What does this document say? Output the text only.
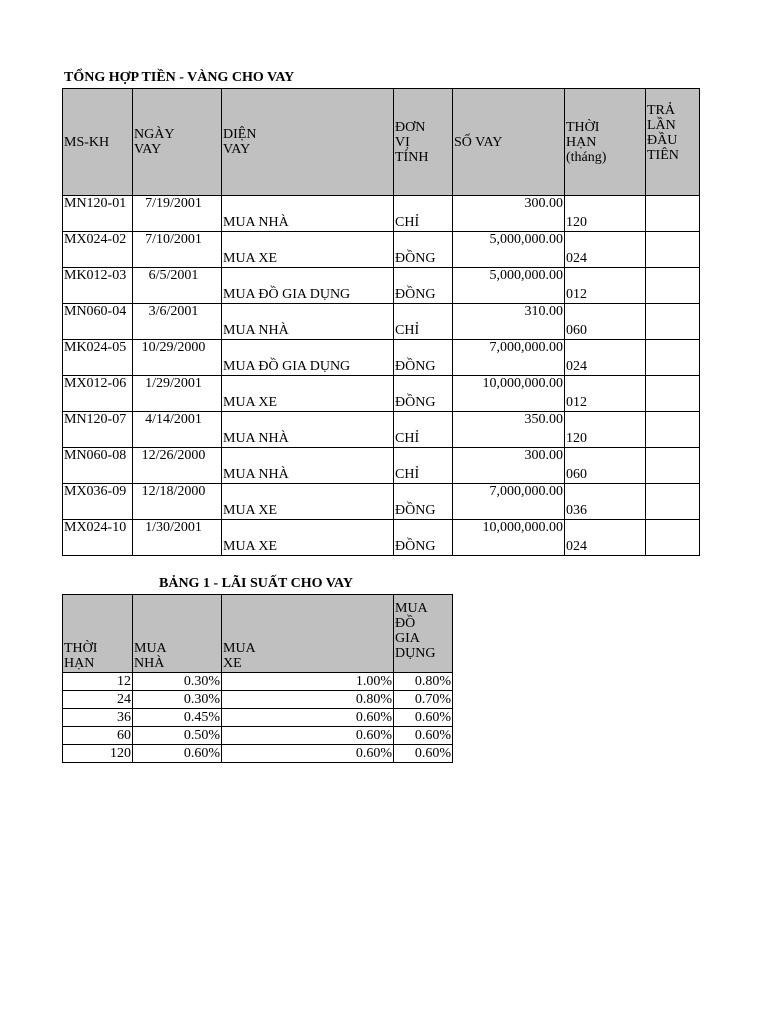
TỔNG HỢP TIỀN - VÀNG CHO VAY
MS-KH	NGÀY VAY	DIỆN VAY	ĐƠN VỊ TÍNH	SỐ VAY	THỜI HẠN (tháng)	TRẢ LẦN ĐẦU TIÊN
MN120-01	7/19/2001	MUA NHÀ	CHỈ	300.00	120	
MX024-02	7/10/2001	MUA XE	ĐỒNG	5,000,000.00	024	
MK012-03	6/5/2001	MUA ĐỒ GIA DỤNG	ĐỒNG	5,000,000.00	012	
MN060-04	3/6/2001	MUA NHÀ	CHỈ	310.00	060	
MK024-05	10/29/2000	MUA ĐỒ GIA DỤNG	ĐỒNG	7,000,000.00	024	
MX012-06	1/29/2001	MUA XE	ĐỒNG	10,000,000.00	012	
MN120-07	4/14/2001	MUA NHÀ	CHỈ	350.00	120	
MN060-08	12/26/2000	MUA NHÀ	CHỈ	300.00	060	
MX036-09	12/18/2000	MUA XE	ĐỒNG	7,000,000.00	036	
MX024-10	1/30/2001	MUA XE	ĐỒNG	10,000,000.00	024	
BẢNG 1 - LÃI SUẤT CHO VAY
THỜI HẠN	MUA NHÀ	MUA XE	MUA ĐỒ GIA DỤNG
12	0.30%	1.00%	0.80%
24	0.30%	0.80%	0.70%
36	0.45%	0.60%	0.60%
60	0.50%	0.60%	0.60%
120	0.60%	0.60%	0.60%
